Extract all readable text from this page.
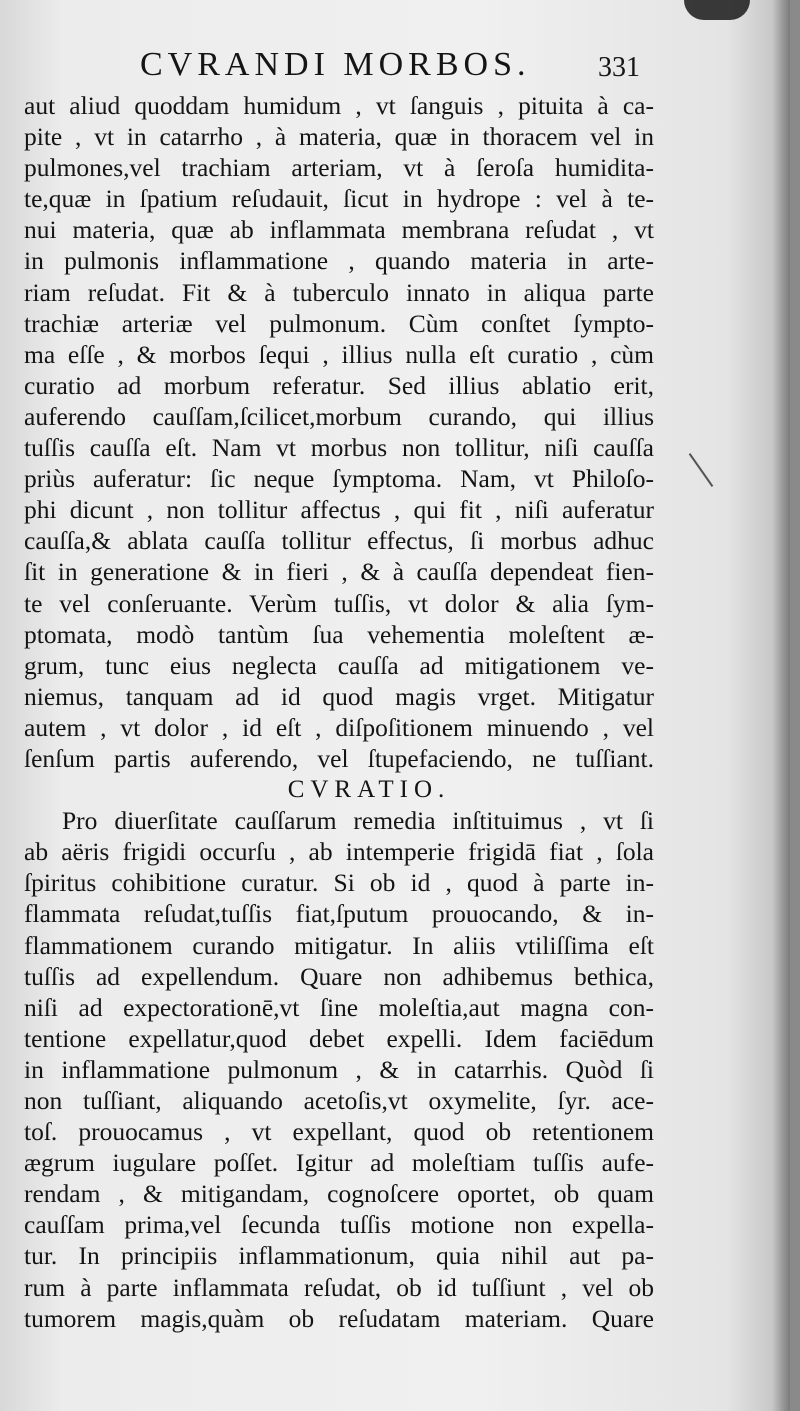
CVRANDI MORBOS. 331
aut aliud quoddam humidum , vt ſanguis , pituita à ca-
pite , vt in catarrho , à materia, quæ in thoracem vel in
pulmones,vel trachiam arteriam, vt à ſeroſa humidita-
te,quæ in ſpatium reſudauit, ſicut in hydrope : vel à te-
nui materia, quæ ab inflammata membrana reſudat , vt
in pulmonis inflammatione , quando materia in arte-
riam reſudat. Fit & à tuberculo innato in aliqua parte
trachiæ arteriæ vel pulmonum. Cùm conſtet ſympto-
ma eſſe , & morbos ſequi , illius nulla eſt curatio , cùm
curatio ad morbum referatur. Sed illius ablatio erit,
auferendo cauſſam,ſcilicet,morbum curando, qui illius
tuſſis cauſſa eſt. Nam vt morbus non tollitur, niſi cauſſa
priùs auferatur: ſic neque ſymptoma. Nam, vt Philoſo-
phi dicunt , non tollitur affectus , qui fit , niſi auferatur
cauſſa,& ablata cauſſa tollitur effectus, ſi morbus adhuc
ſit in generatione & in fieri , & à cauſſa dependeat fien-
te vel conſeruante. Verùm tuſſis, vt dolor & alia ſym-
ptomata, modò tantùm ſua vehementia moleſtent æ-
grum, tunc eius neglecta cauſſa ad mitigationem ve-
niemus, tanquam ad id quod magis vrget. Mitigatur
autem , vt dolor , id eſt , diſpoſitionem minuendo , vel
ſenſum partis auferendo, vel ſtupefaciendo, ne tuſſiant.
CVRATIO.
Pro diuerſitate cauſſarum remedia inſtituimus , vt ſi
ab aëris frigidi occurſu , ab intemperie frigidā fiat , ſola
ſpiritus cohibitione curatur. Si ob id , quod à parte in-
flammata reſudat,tuſſis fiat,ſputum prouocando, & in-
flammationem curando mitigatur. In aliis vtiliſſima eſt
tuſſis ad expellendum. Quare non adhibemus bethica,
niſi ad expectorationē,vt ſine moleſtia,aut magna con-
tentione expellatur,quod debet expelli. Idem faciēdum
in inflammatione pulmonum , & in catarrhis. Quòd ſi
non tuſſiant, aliquando acetoſis,vt oxymelite, ſyr. ace-
toſ. prouocamus , vt expellant, quod ob retentionem
ægrum iugulare poſſet. Igitur ad moleſtiam tuſſis aufe-
rendam , & mitigandam, cognoſcere oportet, ob quam
cauſſam prima,vel ſecunda tuſſis motione non expella-
tur. In principiis inflammationum, quia nihil aut pa-
rum à parte inflammata reſudat, ob id tuſſiunt , vel ob
tumorem magis,quàm ob reſudatam materiam. Quare
